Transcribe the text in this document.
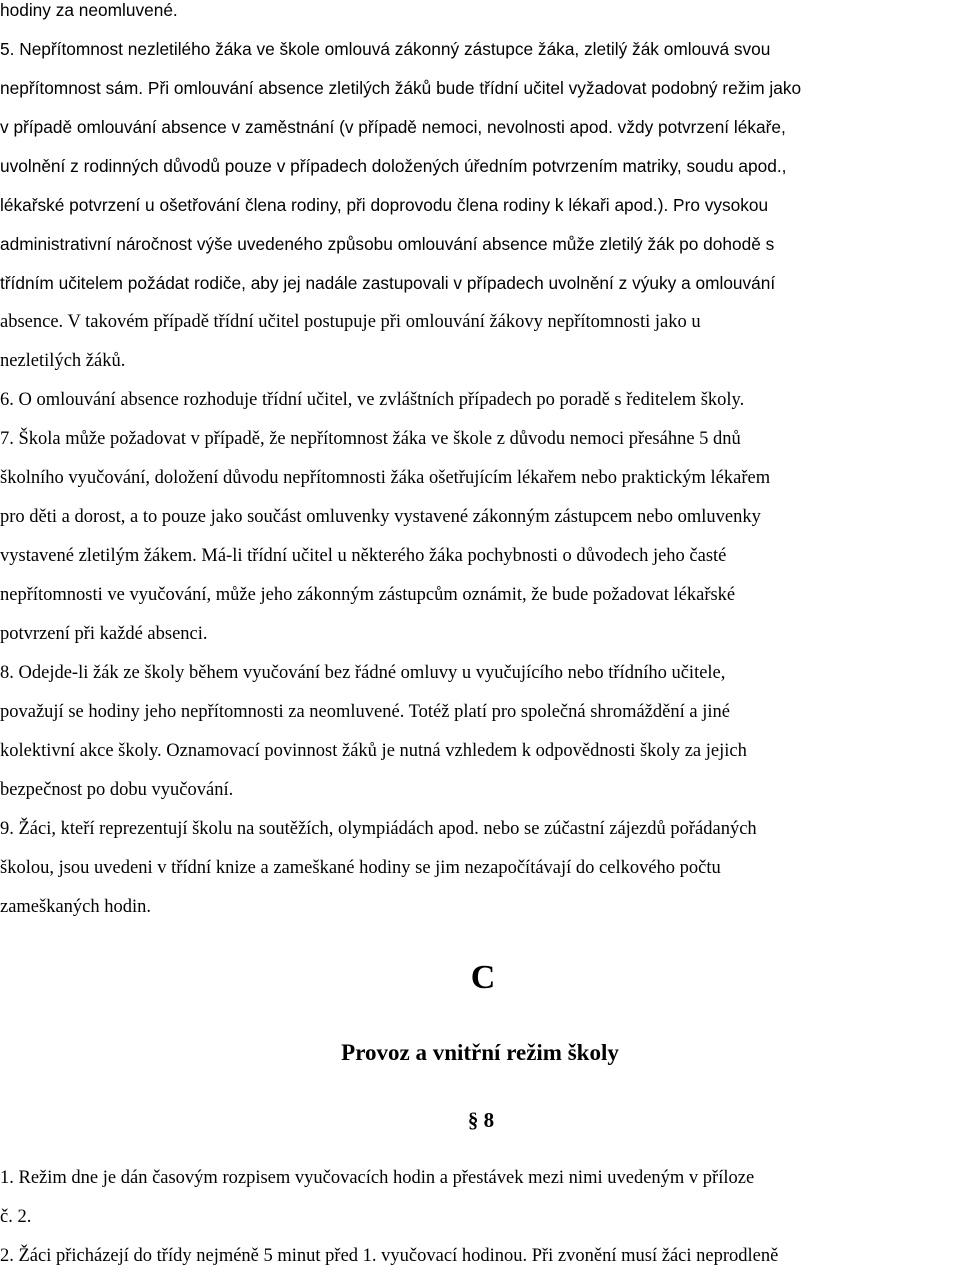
hodiny za neomluvené.
5. Nepřítomnost nezletilého žáka ve škole omlouvá zákonný zástupce žáka, zletilý žák omlouvá svou
nepřítomnost sám. Při omlouvání absence zletilých žáků bude třídní učitel vyžadovat podobný režim jako
v případě omlouvání absence v zaměstnání (v případě nemoci, nevolnosti apod. vždy potvrzení lékaře,
uvolnění z rodinných důvodů pouze v případech doložených úředním potvrzením matriky, soudu apod.,
lékařské potvrzení u ošetřování člena rodiny, při doprovodu člena rodiny k lékaři apod.). Pro vysokou
administrativní náročnost výše uvedeného způsobu omlouvání absence může zletilý žák po dohodě s
třídním učitelem požádat rodiče, aby jej nadále zastupovali v případech uvolnění z výuky a omlouvání
absence. V takovém případě třídní učitel postupuje při omlouvání žákovy nepřítomnosti jako u
nezletilých žáků.
6. O omlouvání absence rozhoduje třídní učitel, ve zvláštních případech po poradě s ředitelem školy.
7. Škola může požadovat v případě, že nepřítomnost žáka ve škole z důvodu nemoci přesáhne 5 dnů
školního vyučování, doložení důvodu nepřítomnosti žáka ošetřujícím lékařem nebo praktickým lékařem
pro děti a dorost, a to pouze jako součást omluvenky vystavené zákonným zástupcem nebo omluvenky
vystavené zletilým žákem. Má-li třídní učitel u některého žáka pochybnosti o důvodech jeho časté
nepřítomnosti ve vyučování, může jeho zákonným zástupcům oznámit, že bude požadovat lékařské
potvrzení při každé absenci.
8. Odejde-li žák ze školy během vyučování bez řádné omluvy u vyučujícího nebo třídního učitele,
považují se hodiny jeho nepřítomnosti za neomluvené. Totéž platí pro společná shromáždění a jiné
kolektivní akce školy. Oznamovací povinnost žáků je nutná vzhledem k odpovědnosti školy za jejich
bezpečnost po dobu vyučování.
9. Žáci, kteří reprezentují školu na soutěžích, olympiádách apod. nebo se zúčastní zájezdů pořádaných
školou, jsou uvedeni v třídní knize a zameškané hodiny se jim nezapočítávají do celkového počtu
zameškaných hodin.
C
Provoz a vnitřní režim školy
§ 8
1. Režim dne je dán časovým rozpisem vyučovacích hodin a přestávek mezi nimi uvedeným v příloze
č. 2.
2. Žáci přicházejí do třídy nejméně 5 minut před 1. vyučovací hodinou. Při zvonění musí žáci neprodleně
